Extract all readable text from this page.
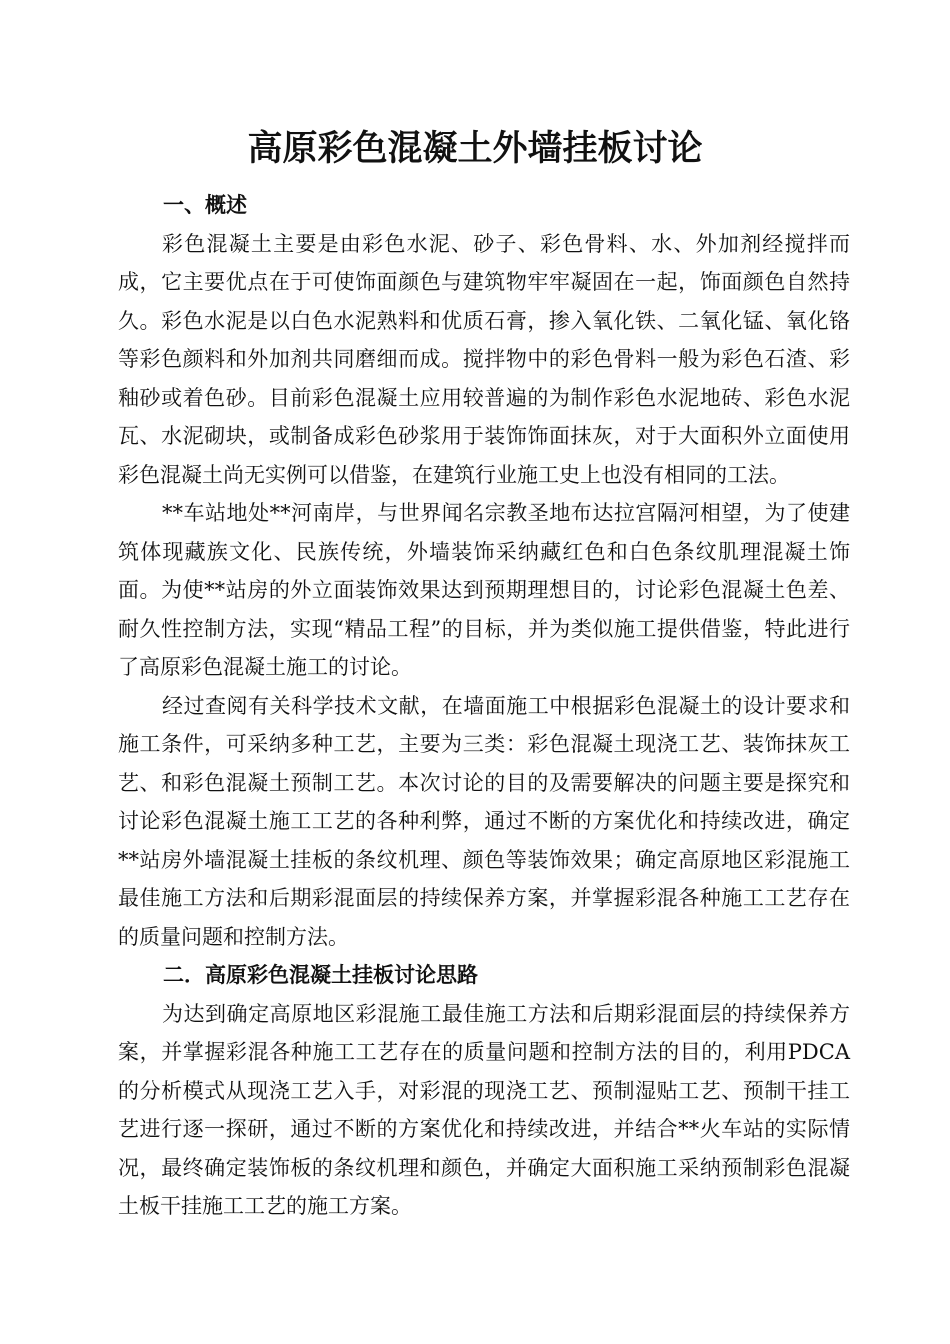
高原彩色混凝土外墙挂板讨论

一、概述

彩色混凝土主要是由彩色水泥、砂子、彩色骨料、水、外加剂经搅拌而成，它主要优点在于可使饰面颜色与建筑物牢牢凝固在一起，饰面颜色自然持久。彩色水泥是以白色水泥熟料和优质石膏，掺入氧化铁、二氧化锰、氧化铬等彩色颜料和外加剂共同磨细而成。搅拌物中的彩色骨料一般为彩色石渣、彩釉砂或着色砂。目前彩色混凝土应用较普遍的为制作彩色水泥地砖、彩色水泥瓦、水泥砌块，或制备成彩色砂浆用于装饰饰面抹灰，对于大面积外立面使用彩色混凝土尚无实例可以借鉴，在建筑行业施工史上也没有相同的工法。

**车站地处**河南岸，与世界闻名宗教圣地布达拉宫隔河相望，为了使建筑体现藏族文化、民族传统，外墙装饰采纳藏红色和白色条纹肌理混凝土饰面。为使**站房的外立面装饰效果达到预期理想目的，讨论彩色混凝土色差、耐久性控制方法，实现“精品工程”的目标，并为类似施工提供借鉴，特此进行了高原彩色混凝土施工的讨论。

经过查阅有关科学技术文献，在墙面施工中根据彩色混凝土的设计要求和施工条件，可采纳多种工艺，主要为三类：彩色混凝土现浇工艺、装饰抹灰工艺、和彩色混凝土预制工艺。本次讨论的目的及需要解决的问题主要是探究和讨论彩色混凝土施工工艺的各种利弊，通过不断的方案优化和持续改进，确定**站房外墙混凝土挂板的条纹机理、颜色等装饰效果；确定高原地区彩混施工最佳施工方法和后期彩混面层的持续保养方案，并掌握彩混各种施工工艺存在的质量问题和控制方法。

二．高原彩色混凝土挂板讨论思路

为达到确定高原地区彩混施工最佳施工方法和后期彩混面层的持续保养方案，并掌握彩混各种施工工艺存在的质量问题和控制方法的目的，利用PDCA的分析模式从现浇工艺入手，对彩混的现浇工艺、预制湿贴工艺、预制干挂工艺进行逐一探研，通过不断的方案优化和持续改进，并结合**火车站的实际情况，最终确定装饰板的条纹机理和颜色，并确定大面积施工采纳预制彩色混凝土板干挂施工工艺的施工方案。
